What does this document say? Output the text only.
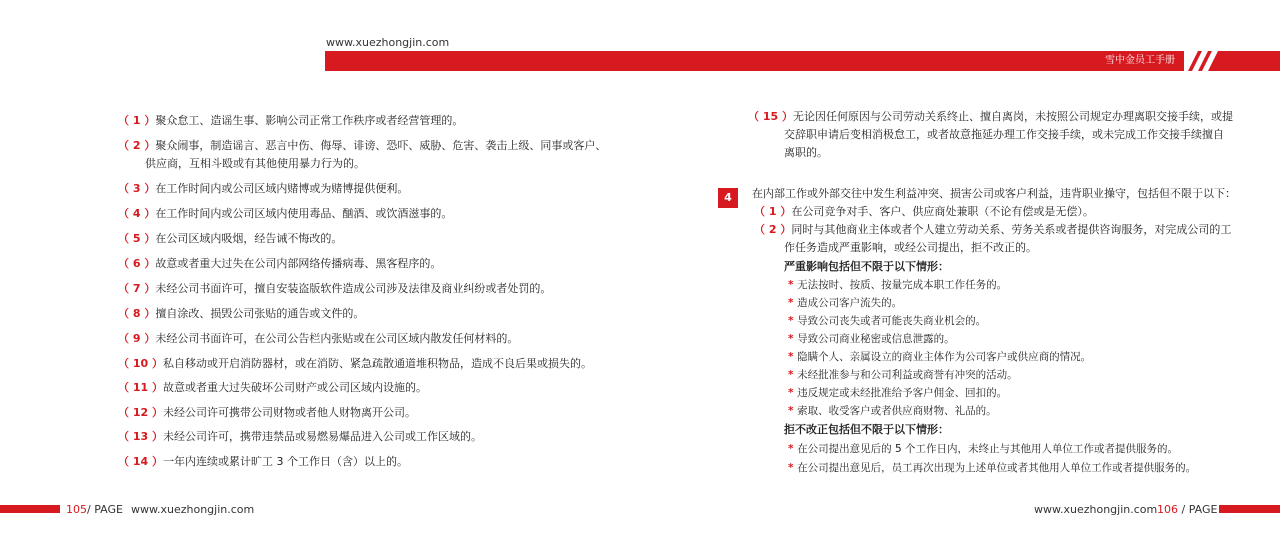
www.xuezhongjin.com
雪中金员工手册
（ 1 ）聚众怠工、造谣生事、影响公司正常工作秩序或者经营管理的。
（ 2 ）聚众闹事，制造谣言、恶言中伤、侮辱、诽谤、恐吓、威胁、危害、袭击上级、同事或客户、
供应商，互相斗殴或有其他使用暴力行为的。
（ 3 ）在工作时间内或公司区域内赌博或为赌博提供便利。
（ 4 ）在工作时间内或公司区域内使用毒品、酗酒、或饮酒滋事的。
（ 5 ）在公司区域内吸烟，经告诫不悔改的。
（ 6 ）故意或者重大过失在公司内部网络传播病毒、黑客程序的。
（ 7 ）未经公司书面许可，擅自安装盗版软件造成公司涉及法律及商业纠纷或者处罚的。
（ 8 ）擅自涂改、损毁公司张贴的通告或文件的。
（ 9 ）未经公司书面许可，在公司公告栏内张贴或在公司区域内散发任何材料的。
（ 10 ）私自移动或开启消防器材，或在消防、紧急疏散通道堆积物品，造成不良后果或损失的。
（ 11 ）故意或者重大过失破坏公司财产或公司区域内设施的。
（ 12 ）未经公司许可携带公司财物或者他人财物离开公司。
（ 13 ）未经公司许可，携带违禁品或易燃易爆品进入公司或工作区域的。
（ 14 ）一年内连续或累计旷工 3 个工作日（含）以上的。
（ 15 ）无论因任何原因与公司劳动关系终止、擅自离岗，未按照公司规定办理离职交接手续，或提
交辞职申请后变相消极怠工，或者故意拖延办理工作交接手续，或未完成工作交接手续擅自
离职的。
4	在内部工作或外部交往中发生利益冲突、损害公司或客户利益，违背职业操守，包括但不限于以下：
（ 1 ）在公司竞争对手、客户、供应商处兼职（不论有偿或是无偿）。
（ 2 ）同时与其他商业主体或者个人建立劳动关系、劳务关系或者提供咨询服务，对完成公司的工
作任务造成严重影响，或经公司提出，拒不改正的。
严重影响包括但不限于以下情形：
* 无法按时、按质、按量完成本职工作任务的。
* 造成公司客户流失的。
* 导致公司丧失或者可能丧失商业机会的。
* 导致公司商业秘密或信息泄露的。
* 隐瞒个人、亲属设立的商业主体作为公司客户或供应商的情况。
* 未经批准参与和公司利益或商誉有冲突的活动。
* 违反规定或未经批准给予客户佣金、回扣的。
* 索取、收受客户或者供应商财物、礼品的。
拒不改正包括但不限于以下情形：
* 在公司提出意见后的 5 个工作日内，未终止与其他用人单位工作或者提供服务的。
* 在公司提出意见后，员工再次出现为上述单位或者其他用人单位工作或者提供服务的。
105/ PAGE www.xuezhongjin.com	www.xuezhongjin.com 106 / PAGE
